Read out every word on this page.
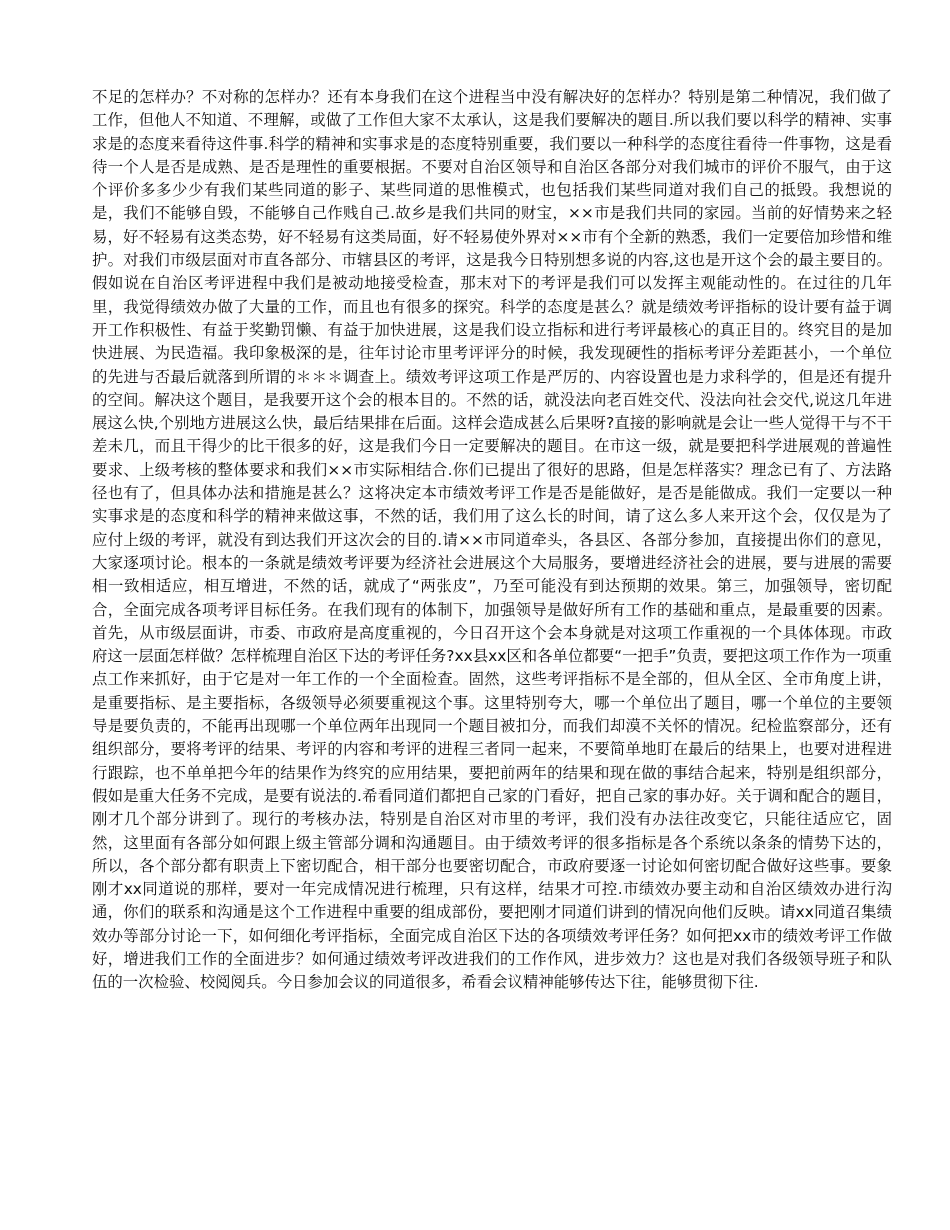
不足的怎样办？不对称的怎样办？还有本身我们在这个进程当中没有解决好的怎样办？特别是第二种情况，我们做了工作，但他人不知道、不理解，或做了工作但大家不太承认，这是我们要解决的题目.所以我们要以科学的精神、实事求是的态度来看待这件事.科学的精神和实事求是的态度特别重要，我们要以一种科学的态度往看待一件事物，这是看待一个人是否是成熟、是否是理性的重要根据。不要对自治区领导和自治区各部分对我们城市的评价不服气，由于这个评价多多少少有我们某些同道的影子、某些同道的思惟模式，也包括我们某些同道对我们自己的抵毁。我想说的是，我们不能够自毁，不能够自己作贱自己.故乡是我们共同的财宝，××市是我们共同的家园。当前的好情势来之轻易，好不轻易有这类态势，好不轻易有这类局面，好不轻易使外界对××市有个全新的熟悉，我们一定要倍加珍惜和维护。对我们市级层面对市直各部分、市辖县区的考评，这是我今日特别想多说的内容,这也是开这个会的最主要目的。假如说在自治区考评进程中我们是被动地接受检查，那末对下的考评是我们可以发挥主观能动性的。在过往的几年里，我觉得绩效办做了大量的工作，而且也有很多的探究。科学的态度是甚么？就是绩效考评指标的设计要有益于调开工作积极性、有益于奖勤罚懒、有益于加快进展，这是我们设立指标和进行考评最核心的真正目的。终究目的是加快进展、为民造福。我印象极深的是，往年讨论市里考评评分的时候，我发现硬性的指标考评分差距甚小，一个单位的先进与否最后就落到所谓的＊＊＊调查上。绩效考评这项工作是严厉的、内容设置也是力求科学的，但是还有提升的空间。解决这个题目，是我要开这个会的根本目的。不然的话，就没法向老百姓交代、没法向社会交代,说这几年进展这么快,个别地方进展这么快，最后结果排在后面。这样会造成甚么后果呀?直接的影响就是会让一些人觉得干与不干差未几，而且干得少的比干很多的好，这是我们今日一定要解决的题目。在市这一级，就是要把科学进展观的普遍性要求、上级考核的整体要求和我们××市实际相结合.你们已提出了很好的思路，但是怎样落实？理念已有了、方法路径也有了，但具体办法和措施是甚么？这将决定本市绩效考评工作是否是能做好，是否是能做成。我们一定要以一种实事求是的态度和科学的精神来做这事，不然的话，我们用了这么长的时间，请了这么多人来开这个会，仅仅是为了应付上级的考评，就没有到达我们开这次会的目的.请××市同道牵头，各县区、各部分参加，直接提出你们的意见，大家逐项讨论。根本的一条就是绩效考评要为经济社会进展这个大局服务，要增进经济社会的进展，要与进展的需要相一致相适应，相互增进，不然的话，就成了“两张皮”，乃至可能没有到达预期的效果。第三，加强领导，密切配合，全面完成各项考评目标任务。在我们现有的体制下，加强领导是做好所有工作的基础和重点，是最重要的因素。首先，从市级层面讲，市委、市政府是高度重视的，今日召开这个会本身就是对这项工作重视的一个具体体现。市政府这一层面怎样做？怎样梳理自治区下达的考评任务?xx县xx区和各单位都要“一把手”负责，要把这项工作作为一项重点工作来抓好，由于它是对一年工作的一个全面检查。固然，这些考评指标不是全部的，但从全区、全市角度上讲，是重要指标、是主要指标，各级领导必须要重视这个事。这里特别夸大，哪一个单位出了题目，哪一个单位的主要领导是要负责的，不能再出现哪一个单位两年出现同一个题目被扣分，而我们却漠不关怀的情况。纪检监察部分，还有组织部分，要将考评的结果、考评的内容和考评的进程三者同一起来，不要简单地盯在最后的结果上，也要对进程进行跟踪，也不单单把今年的结果作为终究的应用结果，要把前两年的结果和现在做的事结合起来，特别是组织部分，假如是重大任务不完成，是要有说法的.希看同道们都把自己家的门看好，把自己家的事办好。关于调和配合的题目，刚才几个部分讲到了。现行的考核办法，特别是自治区对市里的考评，我们没有办法往改变它，只能往适应它，固然，这里面有各部分如何跟上级主管部分调和沟通题目。由于绩效考评的很多指标是各个系统以条条的情势下达的，所以，各个部分都有职责上下密切配合，相干部分也要密切配合，市政府要逐一讨论如何密切配合做好这些事。要象刚才xx同道说的那样，要对一年完成情况进行梳理，只有这样，结果才可控.市绩效办要主动和自治区绩效办进行沟通，你们的联系和沟通是这个工作进程中重要的组成部份，要把刚才同道们讲到的情况向他们反映。请xx同道召集绩效办等部分讨论一下，如何细化考评指标，全面完成自治区下达的各项绩效考评任务？如何把xx市的绩效考评工作做好，增进我们工作的全面进步？如何通过绩效考评改进我们的工作作风，进步效力？这也是对我们各级领导班子和队伍的一次检验、校阅阅兵。今日参加会议的同道很多，希看会议精神能够传达下往，能够贯彻下往.
